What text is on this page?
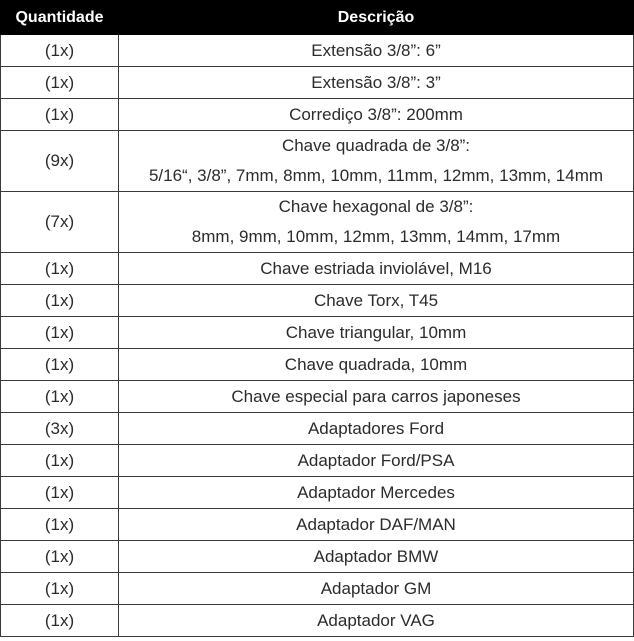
Quantidade	Descrição
(1x)	Extensão 3/8”: 6”

(1x)	Extensão 3/8”: 3”

(1x)	Corrediço 3/8”: 200mm

(9x)	Chave quadrada de 3/8”:
5/16“, 3/8”, 7mm, 8mm, 10mm, 11mm, 12mm, 13mm, 14mm

(7x)	Chave hexagonal de 3/8”:
8mm, 9mm, 10mm, 12mm, 13mm, 14mm, 17mm

(1x)	Chave estriada inviolável, M16

(1x)	Chave Torx, T45

(1x)	Chave triangular, 10mm

(1x)	Chave quadrada, 10mm

(1x)	Chave especial para carros japoneses

(3x)	Adaptadores Ford

(1x)	Adaptador Ford/PSA

(1x)	Adaptador Mercedes

(1x)	Adaptador DAF/MAN

(1x)	Adaptador BMW

(1x)	Adaptador GM

(1x)	Adaptador VAG
